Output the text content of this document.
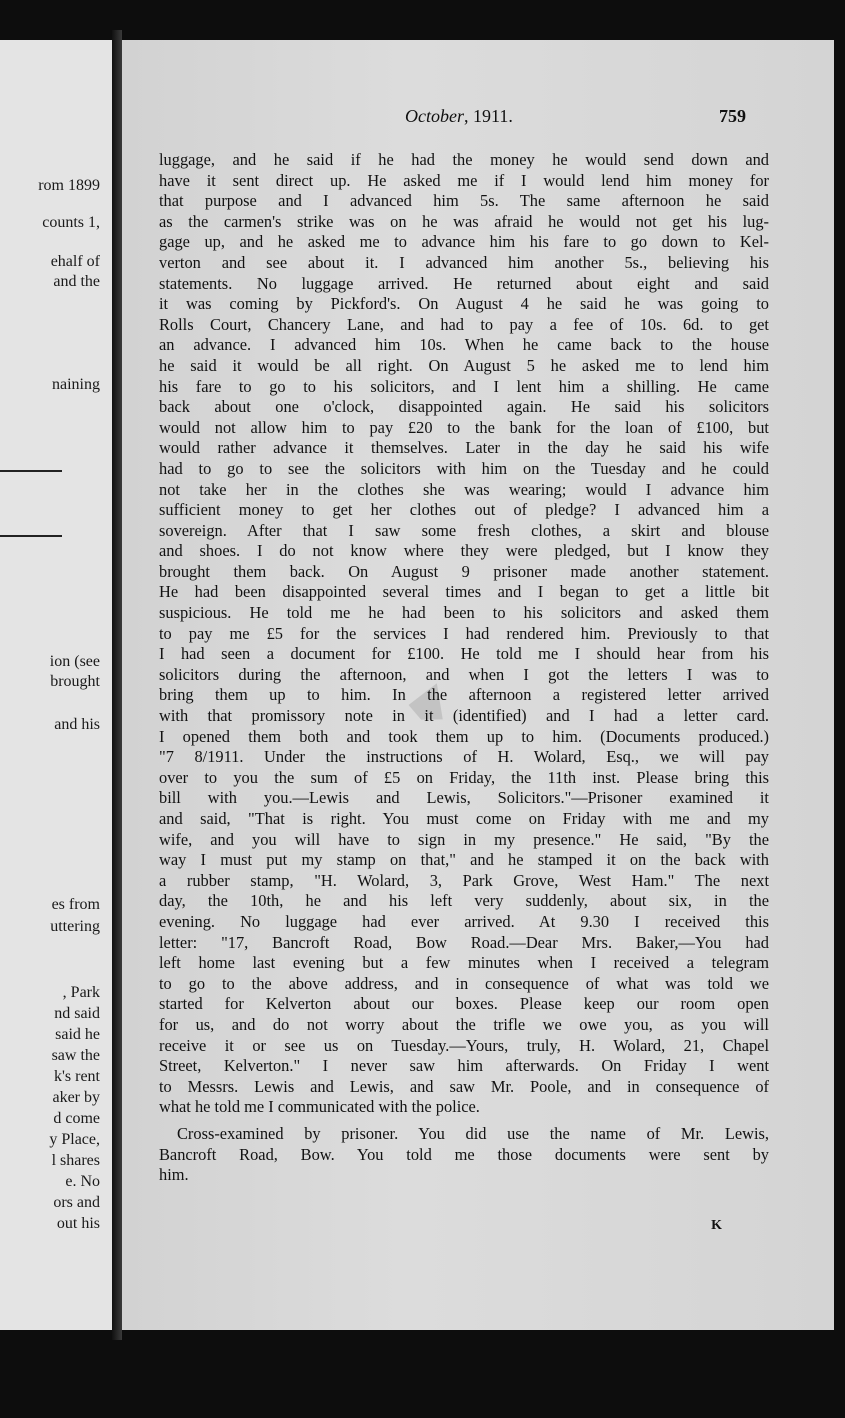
rom 1899
counts 1,
ehalf of
and the
naining
ion (see
brought
and his
es from
uttering
, Park
nd said
said he
saw the
k's rent
aker by
d come
y Place,
l shares
e. No
ors and
out his
October, 1911.	759
luggage, and he said if he had the money he would send down and
have it sent direct up. He asked me if I would lend him money for
that purpose and I advanced him 5s. The same afternoon he said
as the carmen's strike was on he was afraid he would not get his lug-
gage up, and he asked me to advance him his fare to go down to Kel-
verton and see about it. I advanced him another 5s., believing his
statements. No luggage arrived. He returned about eight and said
it was coming by Pickford's. On August 4 he said he was going to
Rolls Court, Chancery Lane, and had to pay a fee of 10s. 6d. to get
an advance. I advanced him 10s. When he came back to the house
he said it would be all right. On August 5 he asked me to lend him
his fare to go to his solicitors, and I lent him a shilling. He came
back about one o'clock, disappointed again. He said his solicitors
would not allow him to pay £20 to the bank for the loan of £100, but
would rather advance it themselves. Later in the day he said his wife
had to go to see the solicitors with him on the Tuesday and he could
not take her in the clothes she was wearing; would I advance him
sufficient money to get her clothes out of pledge? I advanced him a
sovereign. After that I saw some fresh clothes, a skirt and blouse
and shoes. I do not know where they were pledged, but I know they
brought them back. On August 9 prisoner made another statement.
He had been disappointed several times and I began to get a little bit
suspicious. He told me he had been to his solicitors and asked them
to pay me £5 for the services I had rendered him. Previously to that
I had seen a document for £100. He told me I should hear from his
solicitors during the afternoon, and when I got the letters I was to
bring them up to him. In the afternoon a registered letter arrived
with that promissory note in it (identified) and I had a letter card.
I opened them both and took them up to him. (Documents produced.)
"7 8/1911. Under the instructions of H. Wolard, Esq., we will pay
over to you the sum of £5 on Friday, the 11th inst. Please bring this
bill with you.—Lewis and Lewis, Solicitors."—Prisoner examined it
and said, "That is right. You must come on Friday with me and my
wife, and you will have to sign in my presence." He said, "By the
way I must put my stamp on that," and he stamped it on the back with
a rubber stamp, "H. Wolard, 3, Park Grove, West Ham." The next
day, the 10th, he and his left very suddenly, about six, in the
evening. No luggage had ever arrived. At 9.30 I received this
letter: "17, Bancroft Road, Bow Road.—Dear Mrs. Baker,—You had
left home last evening but a few minutes when I received a telegram
to go to the above address, and in consequence of what was told we
started for Kelverton about our boxes. Please keep our room open
for us, and do not worry about the trifle we owe you, as you will
receive it or see us on Tuesday.—Yours, truly, H. Wolard, 21, Chapel
Street, Kelverton." I never saw him afterwards. On Friday I went
to Messrs. Lewis and Lewis, and saw Mr. Poole, and in consequence of
what he told me I communicated with the police.
Cross-examined by prisoner. You did use the name of Mr. Lewis,
Bancroft Road, Bow. You told me those documents were sent by
him.
K
